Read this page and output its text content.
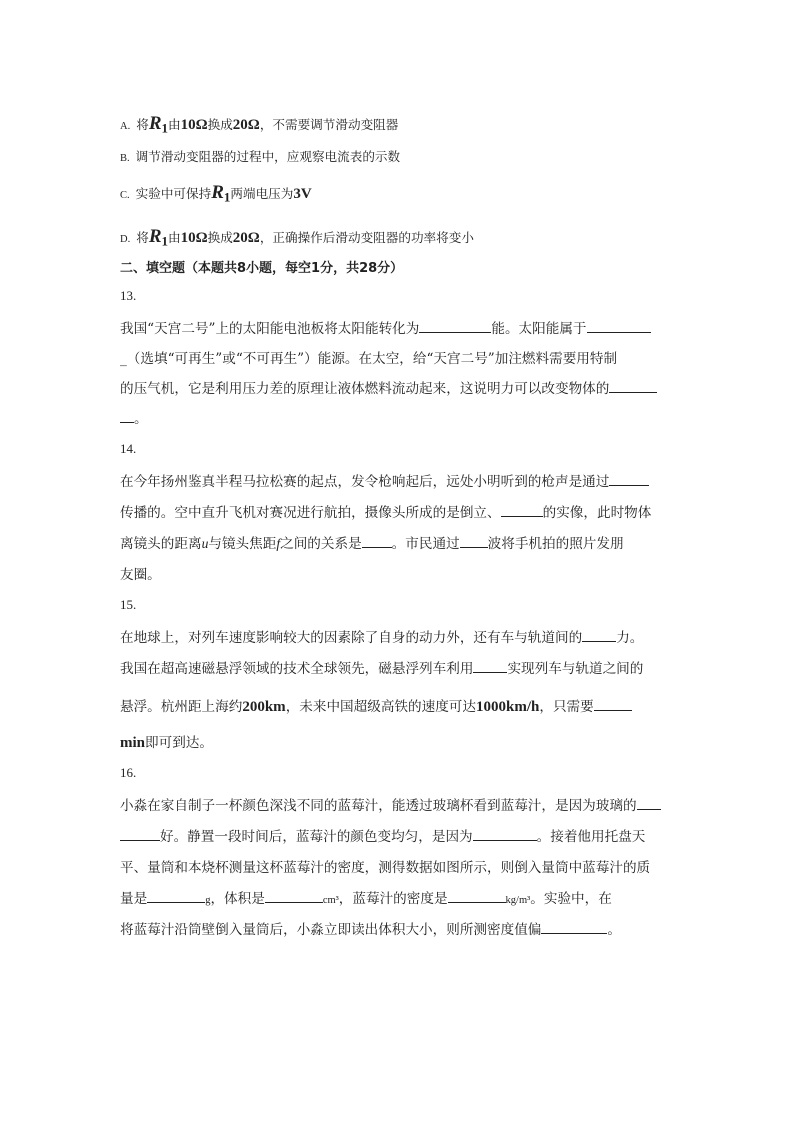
A. 将$R_1$由10Ω换成20Ω，不需要调节滑动变阻器
B. 调节滑动变阻器的过程中，应观察电流表的示数
C. 实验中可保持$R_1$两端电压为3V
D. 将$R_1$由10Ω换成20Ω，正确操作后滑动变阻器的功率将变小
二、填空题（本题共8小题，每空1分，共28分）
13.
我国“天宫二号”上的太阳能电池板将太阳能转化为	能。太阳能属于
_（选填“可再生”或“不可再生”）能源。在太空，给“天宫二号”加注燃料需要用特制
的压气机，它是利用压力差的原理让液体燃料流动起来，这说明力可以改变物体的
。
14.
在今年扬州鉴真半程马拉松赛的起点，发令枪响起后，远处小明听到的枪声是通过
传播的。空中直升飞机对赛况进行航拍，摄像头所成的是倒立、	的实像，此时物体
离镜头的距离u与镜头焦距f之间的关系是 。市民通过 波将手机拍的照片发朋
友圈。
15.
在地球上，对列车速度影响较大的因素除了自身的动力外，还有车与轨道间的	力。
我国在超高速磁悬浮领域的技术全球领先，磁悬浮列车利用	实现列车与轨道之间的
悬浮。杭州距上海约200km，未来中国超级高铁的速度可达1000km/h，只需要
min即可到达。
16.
小淼在家自制子一杯颜色深浅不同的蓝莓汁，能透过玻璃杯看到蓝莓汁，是因为玻璃的
好。静置一段时间后，蓝莓汁的颜色变均匀，是因为	。接着他用托盘天
平、量筒和本烧杯测量这杯蓝莓汁的密度，测得数据如图所示，则倒入量筒中蓝莓汁的质
量是	g，体积是	cm³，蓝莓汁的密度是	kg/m³。实验中，在
将蓝莓汁沿筒壁倒入量筒后，小淼立即读出体积大小，则所测密度值偏	。
